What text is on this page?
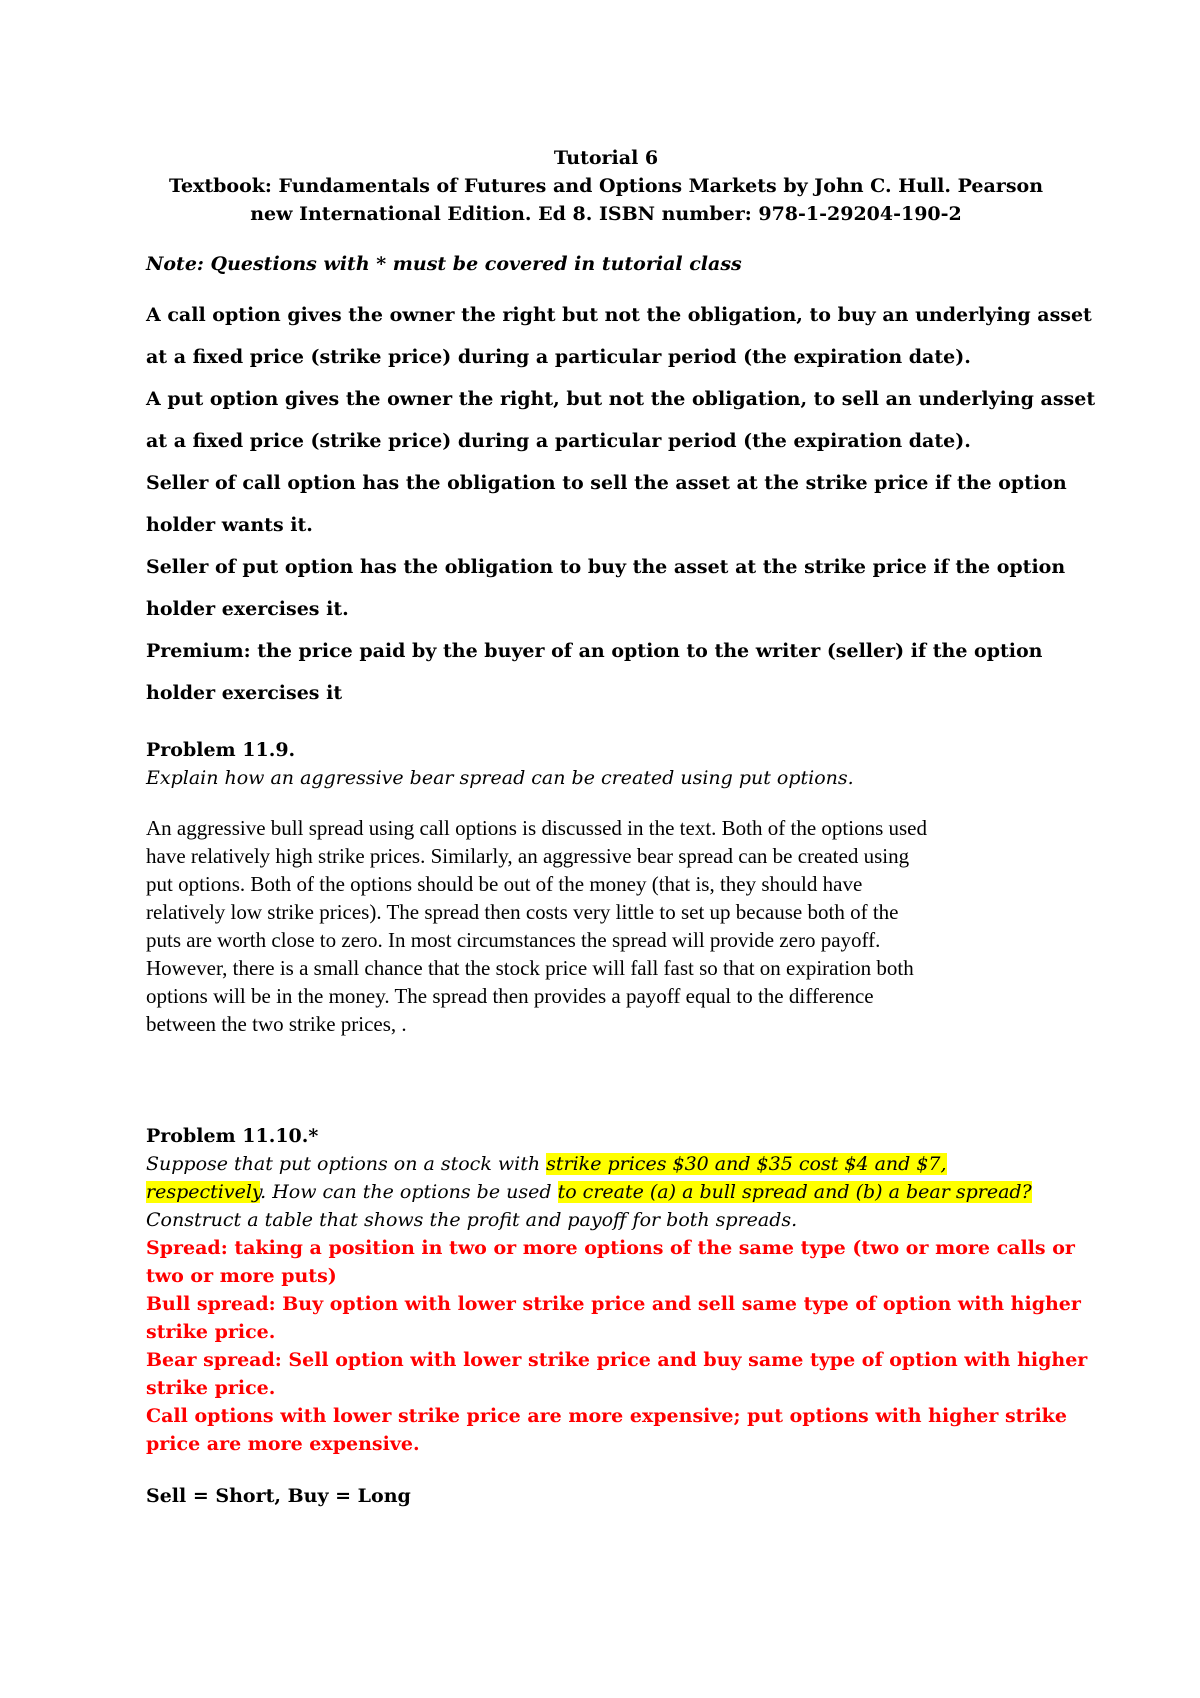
Tutorial 6
Textbook: Fundamentals of Futures and Options Markets by John C. Hull. Pearson
new International Edition. Ed 8. ISBN number: 978-1-29204-190-2
Note: Questions with * must be covered in tutorial class
A call option gives the owner the right but not the obligation, to buy an underlying asset
at a fixed price (strike price) during a particular period (the expiration date).
A put option gives the owner the right, but not the obligation, to sell an underlying asset
at a fixed price (strike price) during a particular period (the expiration date).
Seller of call option has the obligation to sell the asset at the strike price if the option
holder wants it.
Seller of put option has the obligation to buy the asset at the strike price if the option
holder exercises it.
Premium: the price paid by the buyer of an option to the writer (seller) if the option
holder exercises it
Problem 11.9.
Explain how an aggressive bear spread can be created using put options.
An aggressive bull spread using call options is discussed in the text. Both of the options used
have relatively high strike prices. Similarly, an aggressive bear spread can be created using
put options. Both of the options should be out of the money (that is, they should have
relatively low strike prices). The spread then costs very little to set up because both of the
puts are worth close to zero. In most circumstances the spread will provide zero payoff.
However, there is a small chance that the stock price will fall fast so that on expiration both
options will be in the money. The spread then provides a payoff equal to the difference
between the two strike prices, .
Problem 11.10.*
Suppose that put options on a stock with strike prices $30 and $35 cost $4 and $7,
respectively. How can the options be used to create (a) a bull spread and (b) a bear spread?
Construct a table that shows the profit and payoff for both spreads.
Spread: taking a position in two or more options of the same type (two or more calls or
two or more puts)
Bull spread: Buy option with lower strike price and sell same type of option with higher
strike price.
Bear spread: Sell option with lower strike price and buy same type of option with higher
strike price.
Call options with lower strike price are more expensive; put options with higher strike
price are more expensive.
Sell = Short, Buy = Long
